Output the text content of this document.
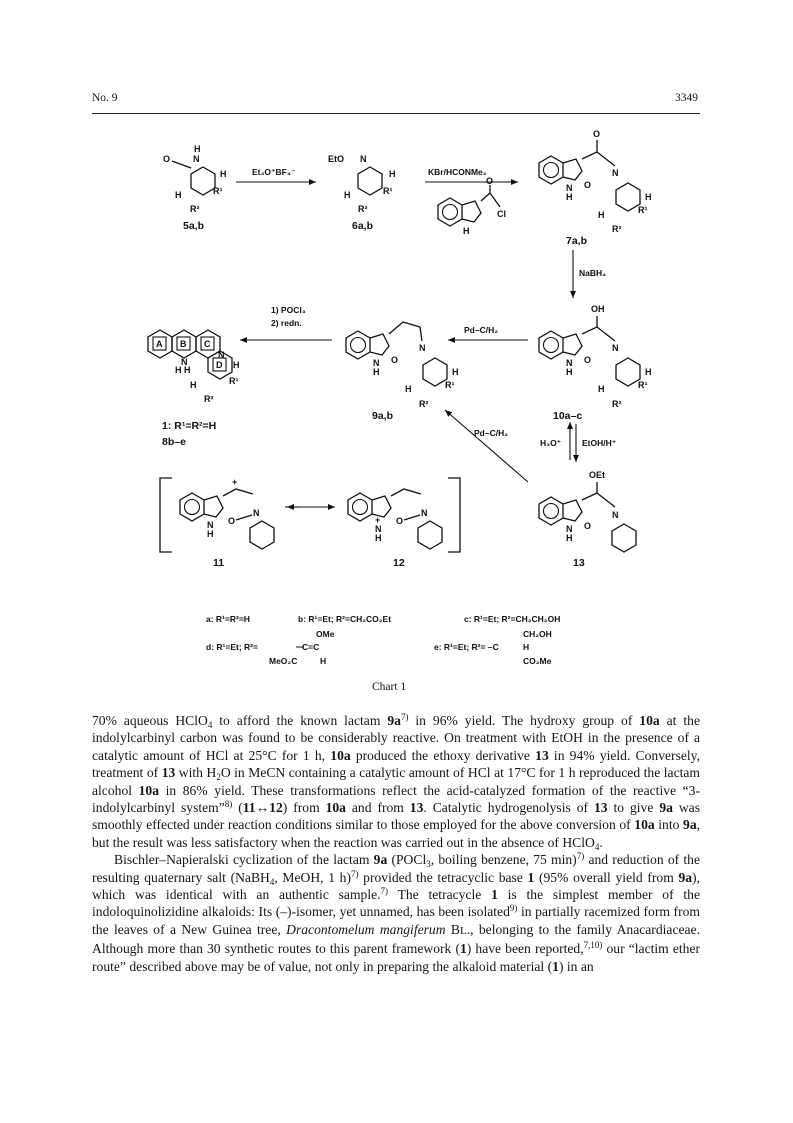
No. 9	3349
O	N
H
H
R¹
H
R²
5a,b
Et₃O⁺BF₄⁻
EtO N
H
R¹
H
R²
6a,b
KBr/HCONMe₂
O
Cl
H
N
H
O
O
N
H
R¹
H
R²
7a,b
NaBH₄
N
H
OH
O
N
H
R¹
H
R²
10a–c
Pd–C/H₂
N
H
O
N
H
R¹
H
R²
9a,b
1) POCl₃
2) redn.
A B C
D
N
H H
N
H
R¹
H
R²
1: R¹=R²=H
8b–e
Pd–C/H₂
H₃O⁺ EtOH/H⁺
N
H
+
O
N
11
+
N
H
O
N
12
N
H
OEt
O
N
13
a: R¹=R²=H	b: R¹=Et; R²=CH₂CO₂Et	c: R¹=Et; R²=CH₂CH₂OH
d: R¹=Et; R²=
OMe
C=C
MeO₂C	H
e: R¹=Et; R²= –C
CH₂OH
H
CO₂Me
Chart 1

70% aqueous HClO$_4$ to afford the known lactam $9a^{7)}$ in 96% yield. The hydroxy group of 10a at the indolylcarbinyl carbon was found to be considerably reactive. On treatment with EtOH in the presence of a catalytic amount of HCl at 25°C for 1 h, 10a produced the ethoxy derivative 13 in 94% yield. Conversely, treatment of 13 with $H_2O$ in MeCN containing a catalytic amount of HCl at 17°C for 1 h reproduced the lactam alcohol 10a in 86% yield. These transformations reflect the acid-catalyzed formation of the reactive “3-indolylcarbinyl system”$^{8)}$ (11↔12) from 10a and from 13. Catalytic hydrogenolysis of 13 to give 9a was smoothly effected under reaction conditions similar to those employed for the above conversion of 10a into 9a, but the result was less satisfactory when the reaction was carried out in the absence of HClO$_4$.

Bischler–Napieralski cyclization of the lactam 9a (POCl$_3$, boiling benzene, 75 min)$^{7)}$ and reduction of the resulting quaternary salt (NaBH$_4$, MeOH, 1 h)$^{7)}$ provided the tetracyclic base 1 (95% overall yield from 9a), which was identical with an authentic sample.$^{7)}$ The tetracycle 1 is the simplest member of the indoloquinolizidine alkaloids: Its (–)-isomer, yet unnamed, has been isolated$^{9)}$ in partially racemized form from the leaves of a New Guinea tree, Dracontomelum mangiferum BL., belonging to the family Anacardiaceae. Although more than 30 synthetic routes to this parent framework (1) have been reported,$^{7,10)}$ our “lactim ether route” described above may be of value, not only in preparing the alkaloid material (1) in an
